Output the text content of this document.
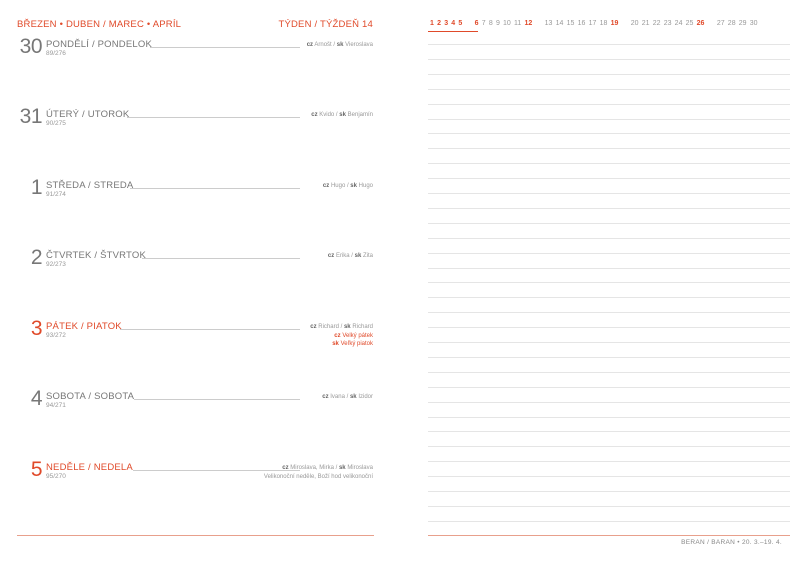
BŘEZEN • DUBEN / MAREC • APRÍL	TÝDEN / TÝŽDEŇ 14
30 PONDĚLÍ / PONDELOK
89/276
cz Arnošt / sk Vieroslava
31 ÚTERÝ / UTOROK
90/275
cz Kvido / sk Benjamín
1 STŘEDA / STREDA
91/274
cz Hugo / sk Hugo
2 ČTVRTEK / ŠTVRTOK
92/273
cz Erika / sk Zita
3 PÁTEK / PIATOK
93/272
cz Richard / sk Richard
cz Velký pátek
sk Veľký piatok
4 SOBOTA / SOBOTA
94/271
cz Ivana / sk Izidor
5 NEDĚLE / NEDELA
95/270
cz Miroslava, Mirka / sk Miroslava
Velikonoční neděle, Boží hod velikonoční
1 2 3 4 5 6 7 8 9 10 11 12 13 14 15 16 17 18 19 20 21 22 23 24 25 26 27 28 29 30
BERAN / BARAN • 20. 3.–19. 4.
